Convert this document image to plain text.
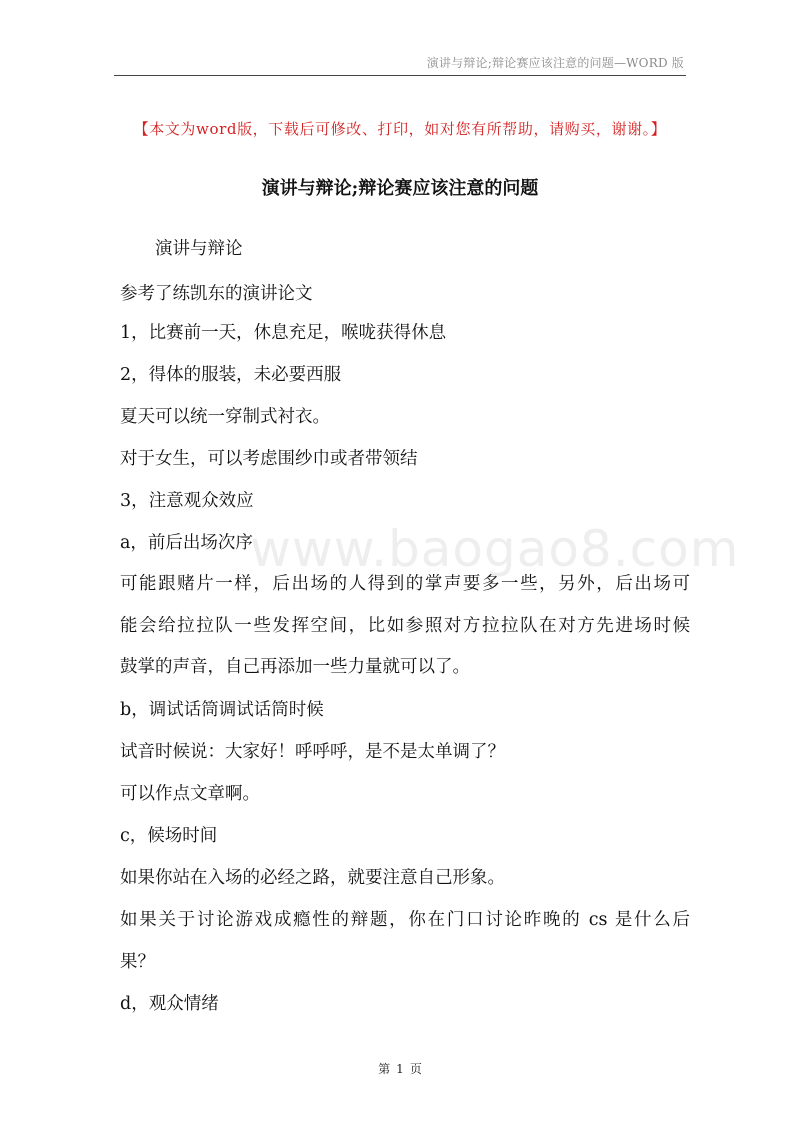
演讲与辩论;辩论赛应该注意的问题—WORD 版
【本文为word版，下载后可修改、打印，如对您有所帮助，请购买，谢谢。】
演讲与辩论;辩论赛应该注意的问题
www.baogao8.com
　　演讲与辩论
参考了练凯东的演讲论文
1，比赛前一天，休息充足，喉咙获得休息
2，得体的服装，未必要西服
夏天可以统一穿制式衬衣。
对于女生，可以考虑围纱巾或者带领结
3，注意观众效应
a，前后出场次序
可能跟赌片一样，后出场的人得到的掌声要多一些，另外，后出场可
能会给拉拉队一些发挥空间，比如参照对方拉拉队在对方先进场时候
鼓掌的声音，自己再添加一些力量就可以了。
b，调试话筒调试话筒时候
试音时候说：大家好！呼呼呼，是不是太单调了？
可以作点文章啊。
c，候场时间
如果你站在入场的必经之路，就要注意自己形象。
如果关于讨论游戏成瘾性的辩题，你在门口讨论昨晚的 cs 是什么后
果？
d，观众情绪
第 1 页
